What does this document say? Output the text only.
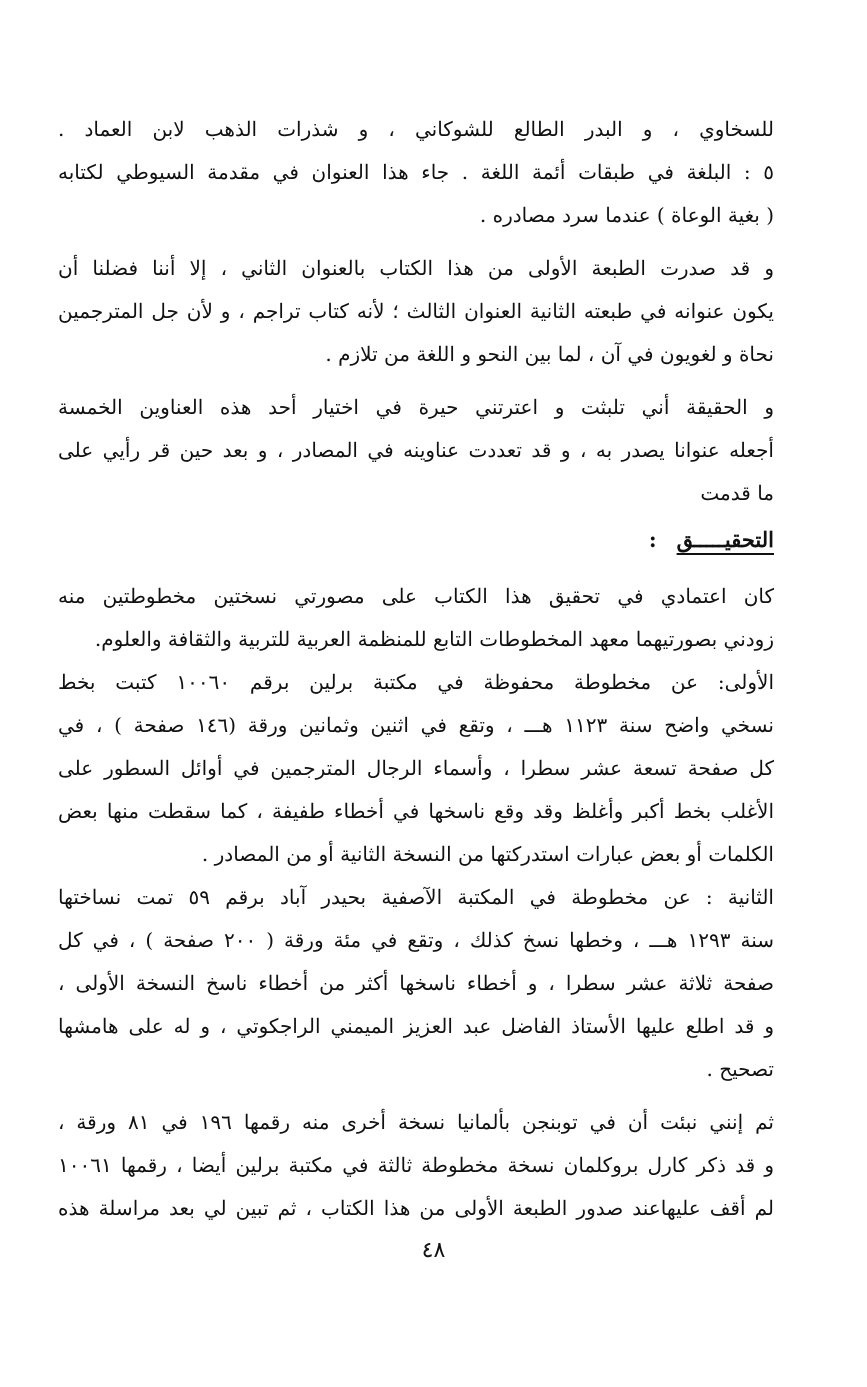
للسخاوي ، و البدر الطالع للشوكاني ، و شذرات الذهب لابن العماد .
٥ : البلغة في طبقات أئمة اللغة . جاء هذا العنوان في مقدمة السيوطي لكتابه
( بغية الوعاة ) عندما سرد مصادره .
و قد صدرت الطبعة الأولى من هذا الكتاب بالعنوان الثاني ، إلا أننا فضلنا أن
يكون عنوانه في طبعته الثانية العنوان الثالث ؛ لأنه كتاب تراجم ، و لأن جل المترجمين
نحاة و لغويون في آن ، لما بين النحو و اللغة من تلازم .
و الحقيقة أني تلبثت و اعترتني حيرة في اختيار أحد هذه العناوين الخمسة
أجعله عنوانا يصدر به ، و قد تعددت عناوينه في المصادر ، و بعد حين قر رأيي على
ما قدمت
التحقيـــــق:
كان اعتمادي في تحقيق هذا الكتاب على مصورتي نسختين مخطوطتين منه
زودني بصورتيهما معهد المخطوطات التابع للمنظمة العربية للتربية والثقافة والعلوم.
الأولى: عن مخطوطة محفوظة في مكتبة برلين برقم ١٠٠٦٠ كتبت بخط
نسخي واضح سنة ١١٢٣ هـــ ، وتقع في اثنين وثمانين ورقة (١٤٦ صفحة ) ، في
كل صفحة تسعة عشر سطرا ، وأسماء الرجال المترجمين في أوائل السطور على
الأغلب بخط أكبر وأغلظ وقد وقع ناسخها في أخطاء طفيفة ، كما سقطت منها بعض
الكلمات أو بعض عبارات استدركتها من النسخة الثانية أو من المصادر .
الثانية : عن مخطوطة في المكتبة الآصفية بحيدر آباد برقم ٥٩ تمت نساختها
سنة ١٢٩٣ هـــ ، وخطها نسخ كذلك ، وتقع في مئة ورقة ( ٢٠٠ صفحة ) ، في كل
صفحة ثلاثة عشر سطرا ، و أخطاء ناسخها أكثر من أخطاء ناسخ النسخة الأولى ،
و قد اطلع عليها الأستاذ الفاضل عبد العزيز الميمني الراجكوتي ، و له على هامشها
تصحيح .
ثم إنني نبئت أن في توبنجن بألمانيا نسخة أخرى منه رقمها ١٩٦ في ٨١ ورقة ،
و قد ذكر كارل بروكلمان نسخة مخطوطة ثالثة في مكتبة برلين أيضا ، رقمها ١٠٠٦١
لم أقف عليهاعند صدور الطبعة الأولى من هذا الكتاب ، ثم تبين لي بعد مراسلة هذه
٤٨
